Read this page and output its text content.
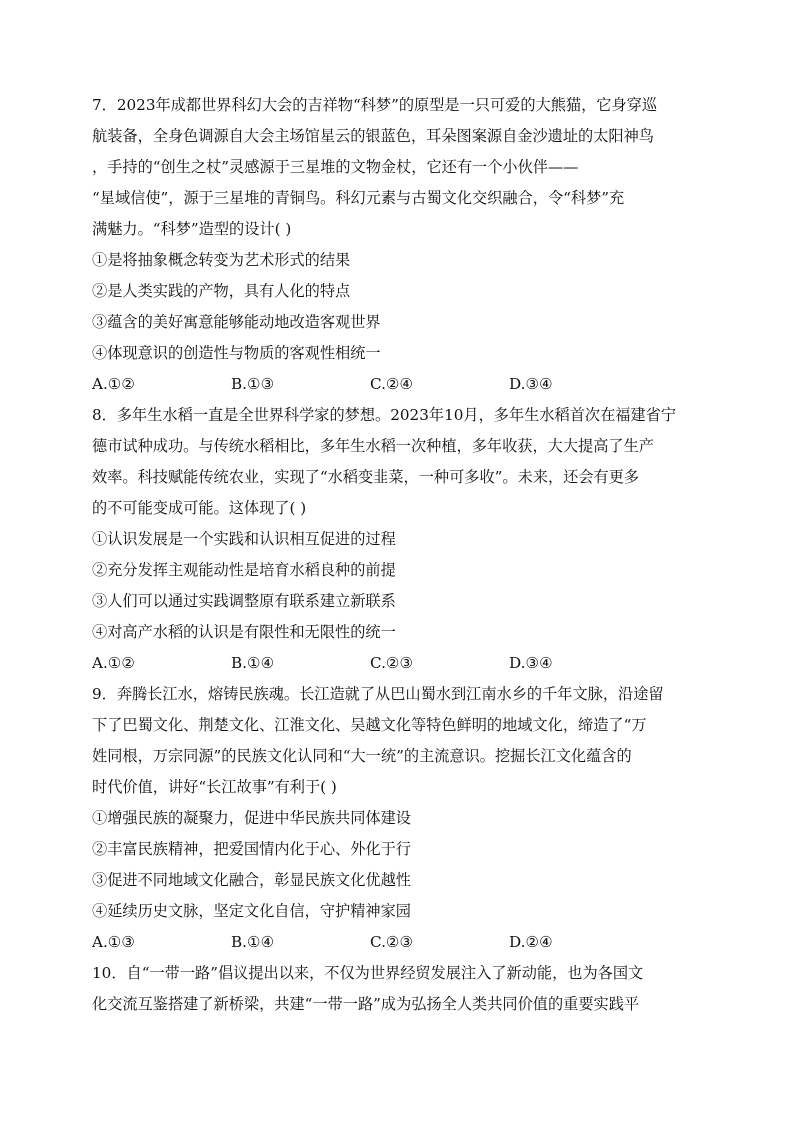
7．2023年成都世界科幻大会的吉祥物“科梦”的原型是一只可爱的大熊猫，它身穿巡
航装备，全身色调源自大会主场馆星云的银蓝色，耳朵图案源自金沙遗址的太阳神鸟
，手持的“创生之杖”灵感源于三星堆的文物金杖，它还有一个小伙伴——
“星域信使”，源于三星堆的青铜鸟。科幻元素与古蜀文化交织融合，令“科梦”充
满魅力。“科梦”造型的设计( )
①是将抽象概念转变为艺术形式的结果
②是人类实践的产物，具有人化的特点
③蕴含的美好寓意能够能动地改造客观世界
④体现意识的创造性与物质的客观性相统一
A.①②	B.①③	C.②④	D.③④
8．多年生水稻一直是全世界科学家的梦想。2023年10月，多年生水稻首次在福建省宁
德市试种成功。与传统水稻相比，多年生水稻一次种植，多年收获，大大提高了生产
效率。科技赋能传统农业，实现了“水稻变韭菜，一种可多收”。未来，还会有更多
的不可能变成可能。这体现了( )
①认识发展是一个实践和认识相互促进的过程
②充分发挥主观能动性是培育水稻良种的前提
③人们可以通过实践调整原有联系建立新联系
④对高产水稻的认识是有限性和无限性的统一
A.①②	B.①④	C.②③	D.③④
9．奔腾长江水，熔铸民族魂。长江造就了从巴山蜀水到江南水乡的千年文脉，沿途留
下了巴蜀文化、荆楚文化、江淮文化、吴越文化等特色鲜明的地域文化，缔造了“万
姓同根，万宗同源”的民族文化认同和“大一统”的主流意识。挖掘长江文化蕴含的
时代价值，讲好“长江故事”有利于( )
①增强民族的凝聚力，促进中华民族共同体建设
②丰富民族精神，把爱国情内化于心、外化于行
③促进不同地域文化融合，彰显民族文化优越性
④延续历史文脉，坚定文化自信，守护精神家园
A.①③	B.①④	C.②③	D.②④
10．自“一带一路”倡议提出以来，不仅为世界经贸发展注入了新动能，也为各国文
化交流互鉴搭建了新桥梁，共建“一带一路”成为弘扬全人类共同价值的重要实践平
